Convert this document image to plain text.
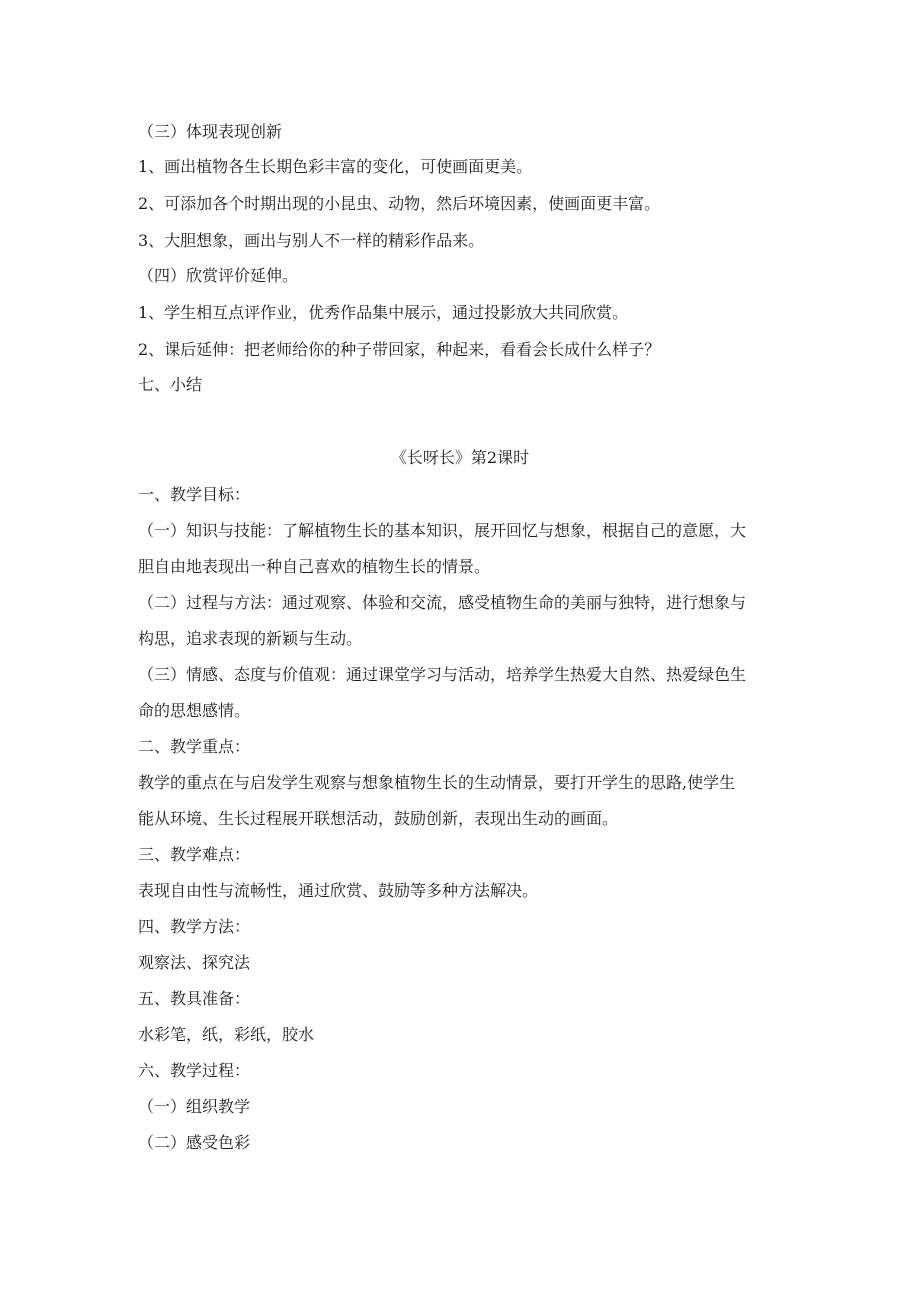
（三）体现表现创新
1、画出植物各生长期色彩丰富的变化，可使画面更美。
2、可添加各个时期出现的小昆虫、动物，然后环境因素，使画面更丰富。
3、大胆想象，画出与别人不一样的精彩作品来。
（四）欣赏评价延伸。
1、学生相互点评作业，优秀作品集中展示，通过投影放大共同欣赏。
2、课后延伸：把老师给你的种子带回家，种起来，看看会长成什么样子？
七、小结
《长呀长》第2课时
一、教学目标：
（一）知识与技能：了解植物生长的基本知识，展开回忆与想象，根据自己的意愿，大
胆自由地表现出一种自己喜欢的植物生长的情景。
（二）过程与方法：通过观察、体验和交流，感受植物生命的美丽与独特，进行想象与
构思，追求表现的新颖与生动。
（三）情感、态度与价值观：通过课堂学习与活动，培养学生热爱大自然、热爱绿色生
命的思想感情。
二、教学重点：
教学的重点在与启发学生观察与想象植物生长的生动情景，要打开学生的思路,使学生
能从环境、生长过程展开联想活动，鼓励创新，表现出生动的画面。
三、教学难点：
表现自由性与流畅性，通过欣赏、鼓励等多种方法解决。
四、教学方法：
观察法、探究法
五、教具准备：
水彩笔，纸，彩纸，胶水
六、教学过程：
（一）组织教学
（二）感受色彩
